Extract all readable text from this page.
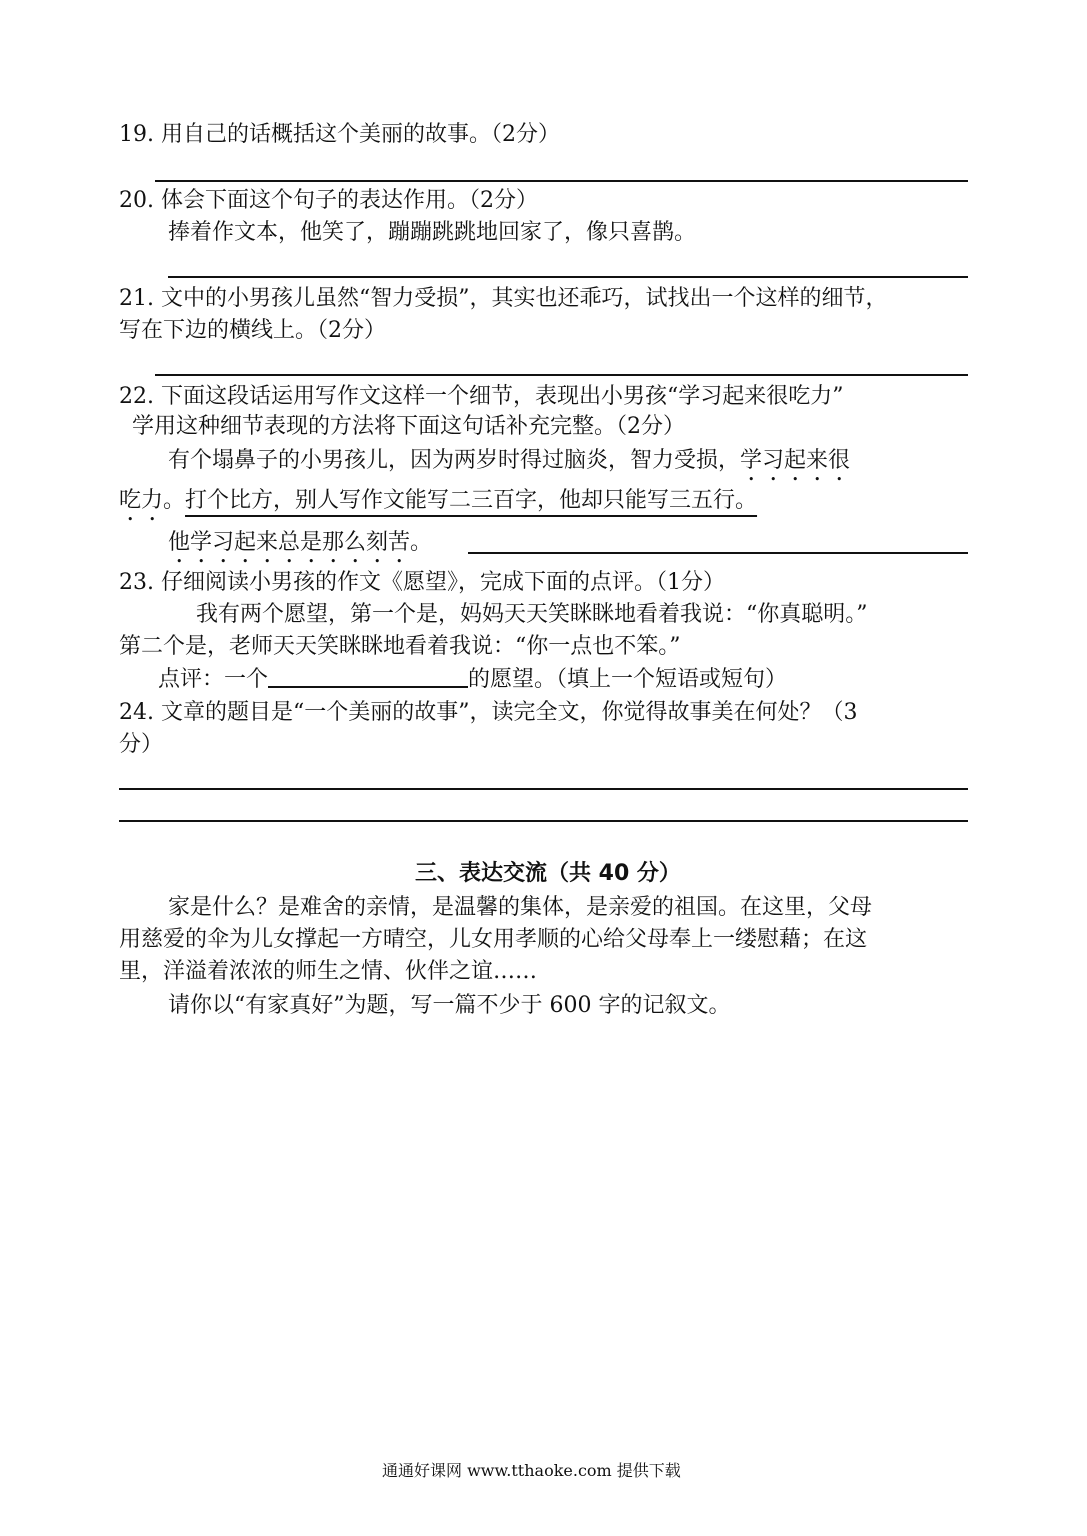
19. 用自己的话概括这个美丽的故事。（2分）
20. 体会下面这个句子的表达作用。（2分）
捧着作文本，他笑了，蹦蹦跳跳地回家了，像只喜鹊。
21. 文中的小男孩儿虽然“智力受损”，其实也还乖巧，试找出一个这样的细节，
写在下边的横线上。（2分）
22. 下面这段话运用写作文这样一个细节，表现出小男孩“学习起来很吃力”
学用这种细节表现的方法将下面这句话补充完整。（2分）
有个塌鼻子的小男孩儿，因为两岁时得过脑炎，智力受损，学习起来很
吃力。打个比方，别人写作文能写二三百字，他却只能写三五行。
他学习起来总是那么刻苦。
23. 仔细阅读小男孩的作文《愿望》，完成下面的点评。（1分）
我有两个愿望，第一个是，妈妈天天笑眯眯地看着我说：“你真聪明。”
第二个是，老师天天笑眯眯地看着我说：“你一点也不笨。”
点评：一个	的愿望。（填上一个短语或短句）
24. 文章的题目是“一个美丽的故事”，读完全文，你觉得故事美在何处？（3
分）
三、表达交流（共 40 分）
家是什么？是难舍的亲情，是温馨的集体，是亲爱的祖国。在这里，父母
用慈爱的伞为儿女撑起一方晴空，儿女用孝顺的心给父母奉上一缕慰藉；在这
里，洋溢着浓浓的师生之情、伙伴之谊……
请你以“有家真好”为题，写一篇不少于 600 字的记叙文。
通通好课网 www.tthaoke.com 提供下载
